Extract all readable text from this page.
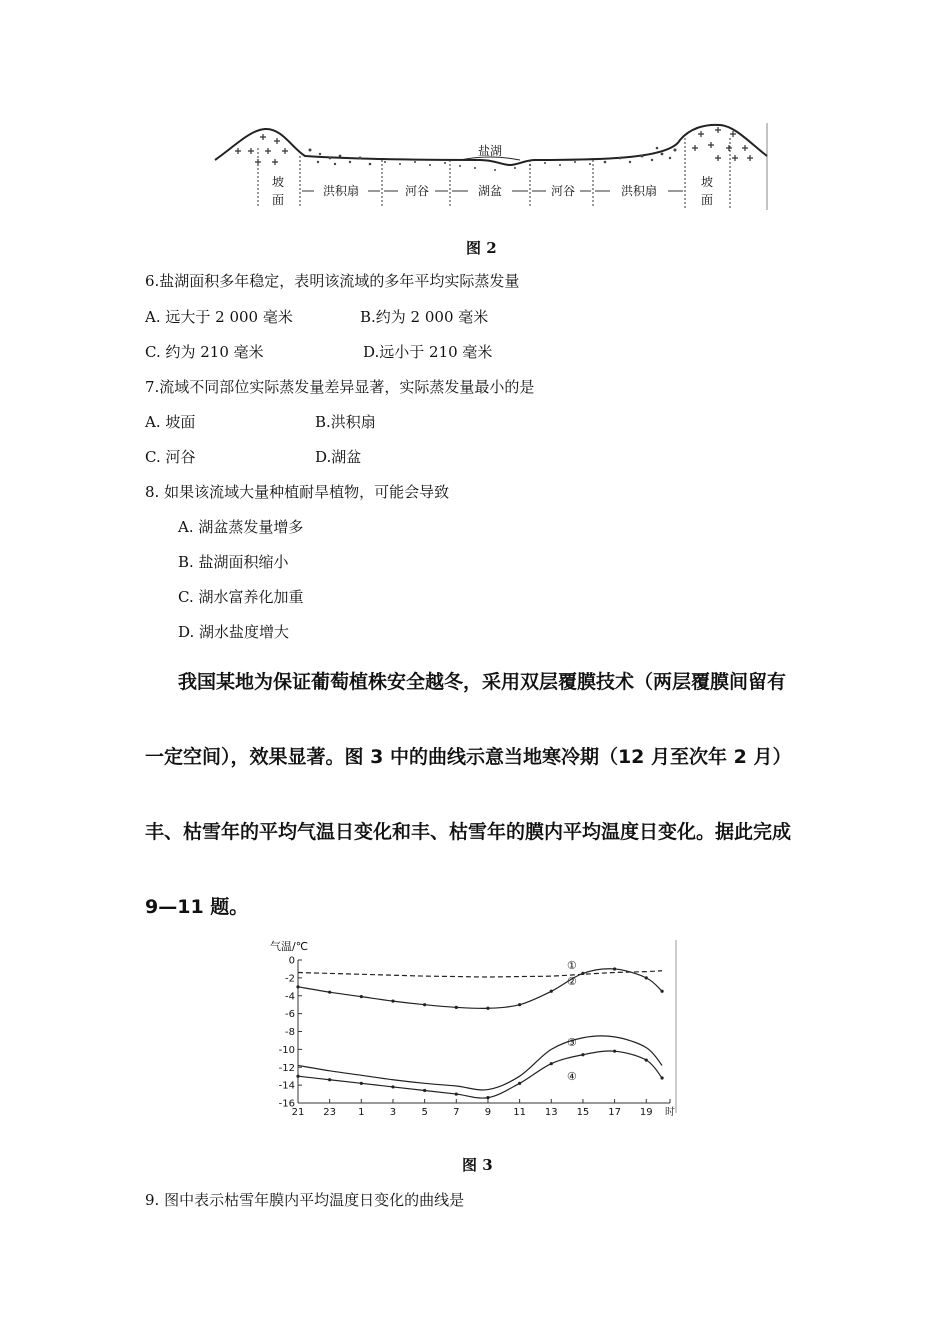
盐湖
坡
面
洪积扇	河谷	湖盆	河谷	洪积扇
坡
面
图 2
6.盐湖面积多年稳定，表明该流域的多年平均实际蒸发量
A. 远大于 2 000 毫米	B.约为 2 000 毫米
C. 约为 210 毫米	D.远小于 210 毫米
7.流域不同部位实际蒸发量差异显著，实际蒸发量最小的是
A. 坡面	B.洪积扇
C. 河谷	D.湖盆
8. 如果该流域大量种植耐旱植物，可能会导致
A. 湖盆蒸发量增多
B. 盐湖面积缩小
C. 湖水富养化加重
D. 湖水盐度增大
我国某地为保证葡萄植株安全越冬，采用双层覆膜技术（两层覆膜间留有
一定空间），效果显著。图 3 中的曲线示意当地寒冷期（12 月至次年 2 月）
丰、枯雪年的平均气温日变化和丰、枯雪年的膜内平均温度日变化。据此完成
9—11 题。
气温/℃
0
-2
-4
-6
-8
-10
-12
-14
-16
21 23 1	3	5	7	9 11 13 15 17 19 时
①
②
③
④
图 3
9. 图中表示枯雪年膜内平均温度日变化的曲线是
